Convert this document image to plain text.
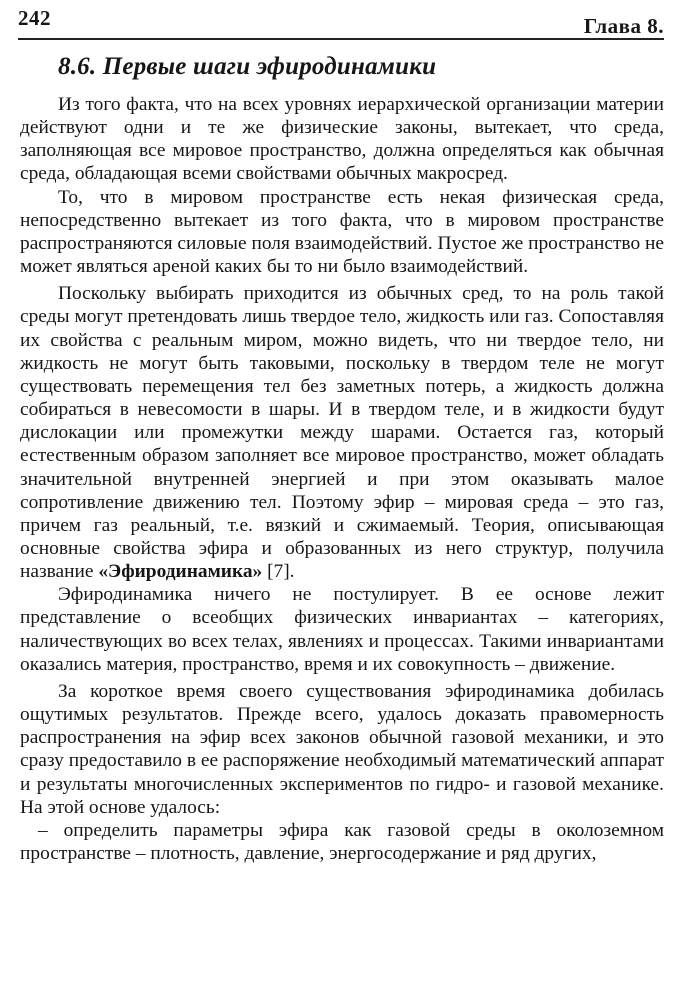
242	Глава 8.
8.6. Первые шаги эфиродинамики

Из того факта, что на всех уровнях иерархической организации материи действуют одни и те же физические законы, вытекает, что среда, заполняющая все мировое пространство, должна определяться как обычная среда, обладающая всеми свойствами обычных макросред.

То, что в мировом пространстве есть некая физическая среда, непосредственно вытекает из того факта, что в мировом пространстве распространяются силовые поля взаимодействий. Пустое же пространство не может являться ареной каких бы то ни было взаимодействий.

Поскольку выбирать приходится из обычных сред, то на роль такой среды могут претендовать лишь твердое тело, жидкость или газ. Сопоставляя их свойства с реальным миром, можно видеть, что ни твердое тело, ни жидкость не могут быть таковыми, поскольку в твердом теле не могут существовать перемещения тел без заметных потерь, а жидкость должна собираться в невесомости в шары. И в твердом теле, и в жидкости будут дислокации или промежутки между шарами. Остается газ, который естественным образом заполняет все мировое пространство, может обладать значительной внутренней энергией и при этом оказывать малое сопротивление движению тел. Поэтому эфир – мировая среда – это газ, причем газ реальный, т.е. вязкий и сжимаемый. Теория, описывающая основные свойства эфира и образованных из него структур, получила название «Эфиродинамика» [7].

Эфиродинамика ничего не постулирует. В ее основе лежит представление о всеобщих физических инвариантах – категориях, наличествующих во всех телах, явлениях и процессах. Такими инвариантами оказались материя, пространство, время и их совокупность – движение.

За короткое время своего существования эфиродинамика добилась ощутимых результатов. Прежде всего, удалось доказать правомерность распространения на эфир всех законов обычной газовой механики, и это сразу предоставило в ее распоряжение необходимый математический аппарат и результаты многочисленных экспериментов по гидро- и газовой механике. На этой основе удалось:

– определить параметры эфира как газовой среды в околоземном пространстве – плотность, давление, энергосодержание и ряд других,
